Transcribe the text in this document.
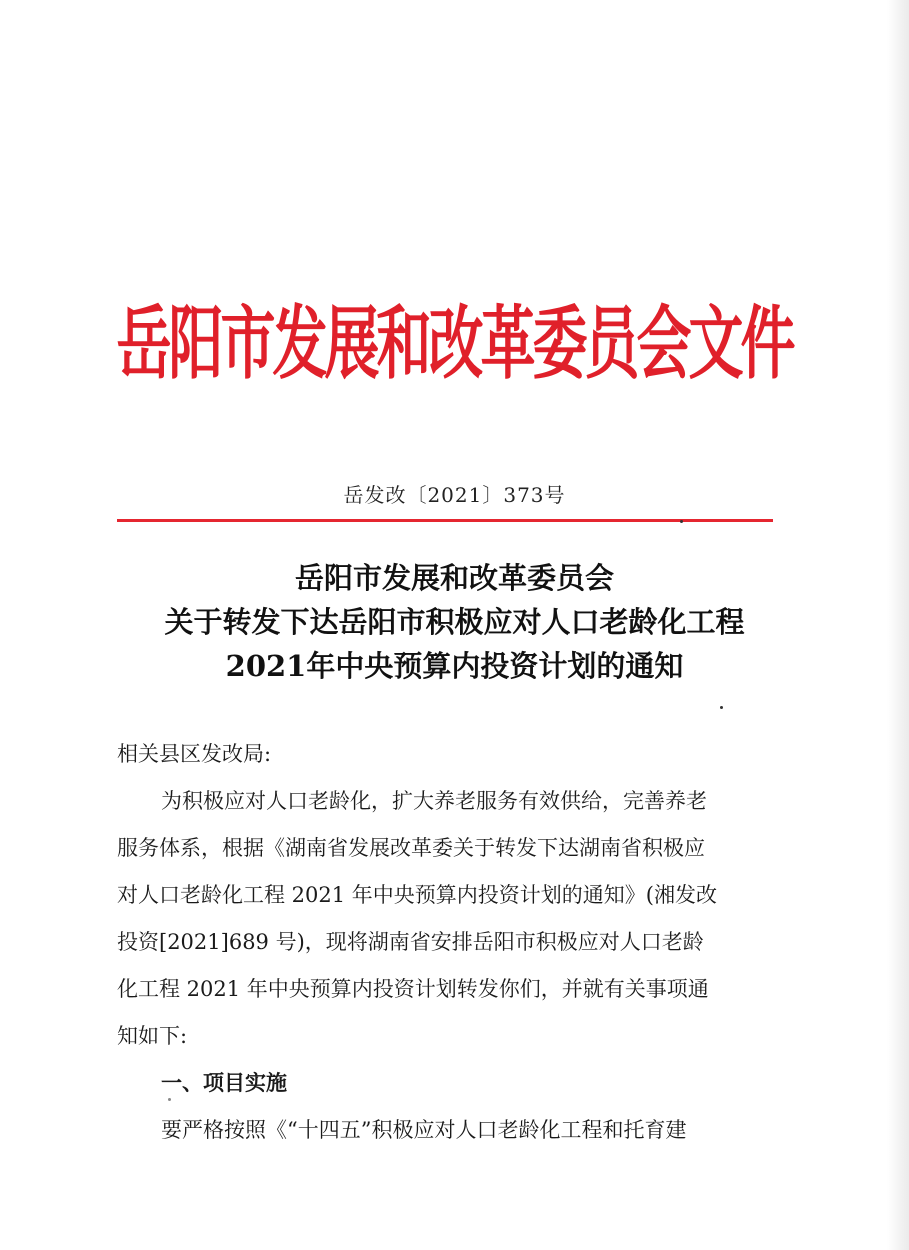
岳阳市发展和改革委员会文件
岳发改〔2021〕373号
岳阳市发展和改革委员会
关于转发下达岳阳市积极应对人口老龄化工程
2021年中央预算内投资计划的通知
相关县区发改局:
为积极应对人口老龄化，扩大养老服务有效供给，完善养老
服务体系，根据《湖南省发展改革委关于转发下达湖南省积极应
对人口老龄化工程 2021 年中央预算内投资计划的通知》(湘发改
投资[2021]689 号)，现将湖南省安排岳阳市积极应对人口老龄
化工程 2021 年中央预算内投资计划转发你们，并就有关事项通
知如下:
一、项目实施
要严格按照《“十四五”积极应对人口老龄化工程和托育建
